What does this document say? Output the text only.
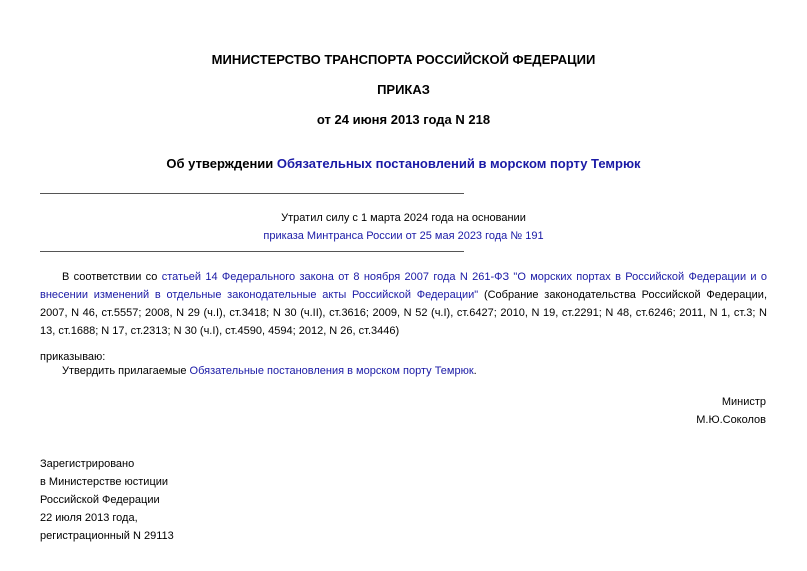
МИНИСТЕРСТВО ТРАНСПОРТА РОССИЙСКОЙ ФЕДЕРАЦИИ
ПРИКАЗ
от 24 июня 2013 года N 218
Об утверждении Обязательных постановлений в морском порту Темрюк
Утратил силу с 1 марта 2024 года на основании
приказа Минтранса России от 25 мая 2023 года № 191
В соответствии со статьей 14 Федерального закона от 8 ноября 2007 года N 261-ФЗ "О морских портах в Российской Федерации и о внесении изменений в отдельные законодательные акты Российской Федерации" (Собрание законодательства Российской Федерации, 2007, N 46, ст.5557; 2008, N 29 (ч.I), ст.3418; N 30 (ч.II), ст.3616; 2009, N 52 (ч.I), ст.6427; 2010, N 19, ст.2291; N 48, ст.6246; 2011, N 1, ст.3; N 13, ст.1688; N 17, ст.2313; N 30 (ч.I), ст.4590, 4594; 2012, N 26, ст.3446)
приказываю:
Утвердить прилагаемые Обязательные постановления в морском порту Темрюк.
Министр
М.Ю.Соколов
Зарегистрировано
в Министерстве юстиции
Российской Федерации
22 июля 2013 года,
регистрационный N 29113
